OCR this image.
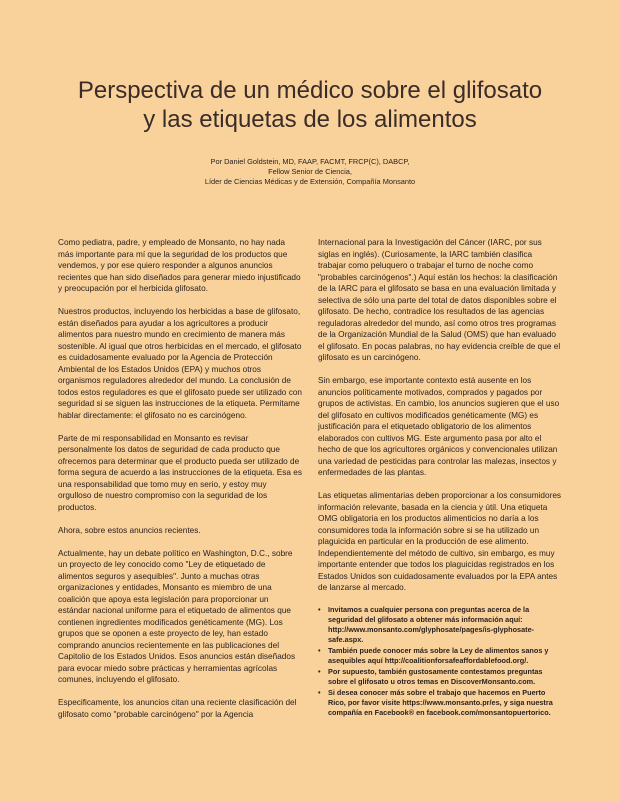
Perspectiva de un médico sobre el glifosato
y las etiquetas de los alimentos
Por Daniel Goldstein, MD, FAAP, FACMT, FRCP(C), DABCP,
Fellow Senior de Ciencia,
Líder de Ciencias Médicas y de Extensión, Compañía Monsanto

Como pediatra, padre, y empleado de Monsanto, no hay nada más importante para mí que la seguridad de los productos que vendemos, y por ese quiero responder a algunos anuncios recientes que han sido diseñados para generar miedo injustificado y preocupación por el herbicida glifosato.

Nuestros productos, incluyendo los herbicidas a base de glifosato, están diseñados para ayudar a los agricultores a producir alimentos para nuestro mundo en crecimiento de manera más sostenible. Al igual que otros herbicidas en el mercado, el glifosato es cuidadosamente evaluado por la Agencia de Protección Ambiental de los Estados Unidos (EPA) y muchos otros organismos reguladores alrededor del mundo. La conclusión de todos estos reguladores es que el glifosato puede ser utilizado con seguridad si se siguen las instrucciones de la etiqueta. Permitame hablar directamente: el glifosato no es carcinógeno.

Parte de mi responsabilidad en Monsanto es revisar personalmente los datos de seguridad de cada producto que ofrecemos para determinar que el producto pueda ser utilizado de forma segura de acuerdo a las instrucciones de la etiqueta. Esa es una responsabilidad que tomo muy en serio, y estoy muy orgulloso de nuestro compromiso con la seguridad de los productos.

Ahora, sobre estos anuncios recientes.

Actualmente, hay un debate político en Washington, D.C., sobre un proyecto de ley conocido como "Ley de etiquetado de alimentos seguros y asequibles". Junto a muchas otras organizaciones y entidades, Monsanto es miembro de una coalición que apoya esta legislación para proporcionar un estándar nacional uniforme para el etiquetado de alimentos que contienen ingredientes modificados genéticamente (MG). Los grupos que se oponen a este proyecto de ley, han estado comprando anuncios recientemente en las publicaciones del Capitolio de los Estados Unidos. Esos anuncios están diseñados para evocar miedo sobre prácticas y herramientas agrícolas comunes, incluyendo el glifosato.

Especificamente, los anuncios citan una reciente clasificación del glifosato como "probable carcinógeno" por la Agencia

Internacional para la Investigación del Cáncer (IARC, por sus siglas en inglés). (Curiosamente, la IARC también clasifica trabajar como peluquero o trabajar el turno de noche como "probables carcinógenos".) Aquí están los hechos: la clasificación de la IARC para el glifosato se basa en una evaluación limitada y selectiva de sólo una parte del total de datos disponibles sobre el glifosato. De hecho, contradice los resultados de las agencias reguladoras alrededor del mundo, así como otros tres programas de la Organización Mundial de la Salud (OMS) que han evaluado el glifosato. En pocas palabras, no hay evidencia creíble de que el glifosato es un carcinógeno.

Sin embargo, ese importante contexto está ausente en los anuncios políticamente motivados, comprados y pagados por grupos de activistas. En cambio, los anuncios sugieren que el uso del glifosato en cultivos modificados genéticamente (MG) es justificación para el etiquetado obligatorio de los alimentos elaborados con cultivos MG. Este argumento pasa por alto el hecho de que los agricultores orgánicos y convencionales utilizan una variedad de pesticidas para controlar las malezas, insectos y enfermedades de las plantas.

Las etiquetas alimentarias deben proporcionar a los consumidores información relevante, basada en la ciencia y útil. Una etiqueta OMG obligatoria en los productos alimenticios no daría a los consumidores toda la información sobre si se ha utilizado un plaguicida en particular en la producción de ese alimento. Independientemente del método de cultivo, sin embargo, es muy importante entender que todos los plaguicidas registrados en los Estados Unidos son cuidadosamente evaluados por la EPA antes de lanzarse al mercado.

• Invitamos a cualquier persona con preguntas acerca de la seguridad del glifosato a obtener más información aquí: http://www.monsanto.com/glyphosate/pages/is-glyphosate-safe.aspx.
• También puede conocer más sobre la Ley de alimentos sanos y asequibles aquí http://coalitionforsafeaffordablefood.org/.
• Por supuesto, también gustosamente contestamos preguntas sobre el glifosato u otros temas en DiscoverMonsanto.com.
• Si desea conocer más sobre el trabajo que hacemos en Puerto Rico, por favor visite https://www.monsanto.pr/es, y siga nuestra compañía en Facebook® en facebook.com/monsantopuertorico.
